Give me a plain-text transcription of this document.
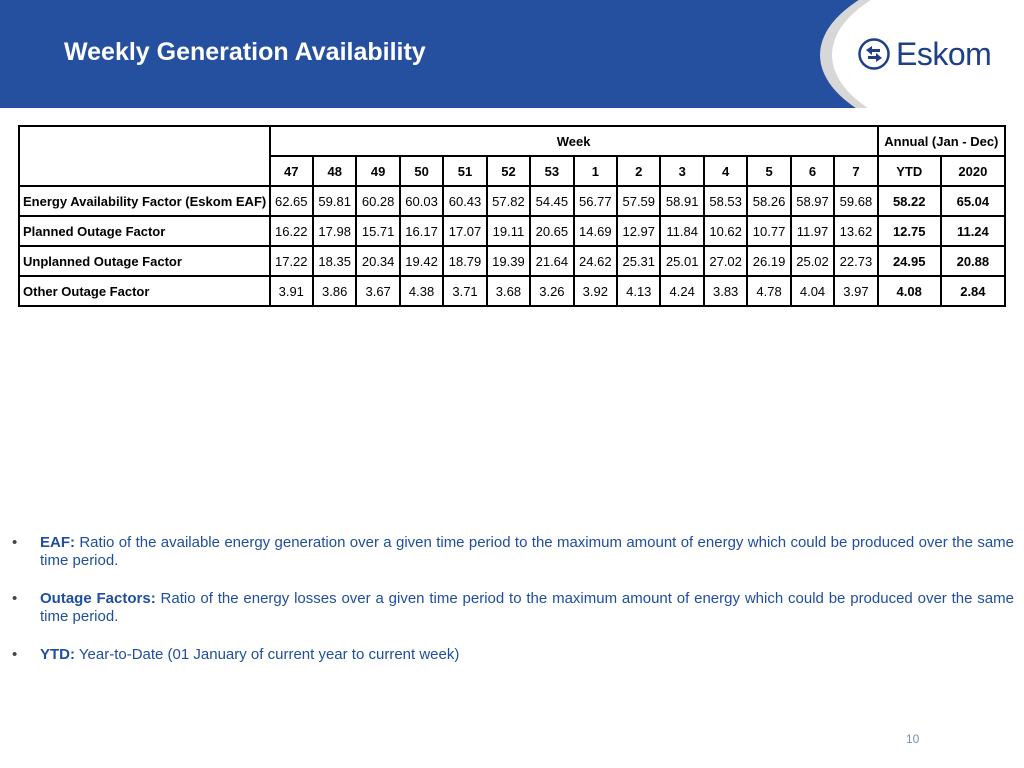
Weekly Generation Availability	Eskom
	Week														Annual (Jan - Dec)	
	47	48	49	50	51	52	53	1	2	3	4	5	6	7	YTD	2020
Energy Availability Factor (Eskom EAF)	62.65	59.81	60.28	60.03	60.43	57.82	54.45	56.77	57.59	58.91	58.53	58.26	58.97	59.68	58.22	65.04
Planned Outage Factor	16.22	17.98	15.71	16.17	17.07	19.11	20.65	14.69	12.97	11.84	10.62	10.77	11.97	13.62	12.75	11.24
Unplanned Outage Factor	17.22	18.35	20.34	19.42	18.79	19.39	21.64	24.62	25.31	25.01	27.02	26.19	25.02	22.73	24.95	20.88
Other Outage Factor	3.91	3.86	3.67	4.38	3.71	3.68	3.26	3.92	4.13	4.24	3.83	4.78	4.04	3.97	4.08	2.84
•	EAF: Ratio of the available energy generation over a given time period to the maximum amount of energy which could be produced over the same time period.
•	Outage Factors: Ratio of the energy losses over a given time period to the maximum amount of energy which could be produced over the same time period.
•	YTD: Year-to-Date (01 January of current year to current week)
10
